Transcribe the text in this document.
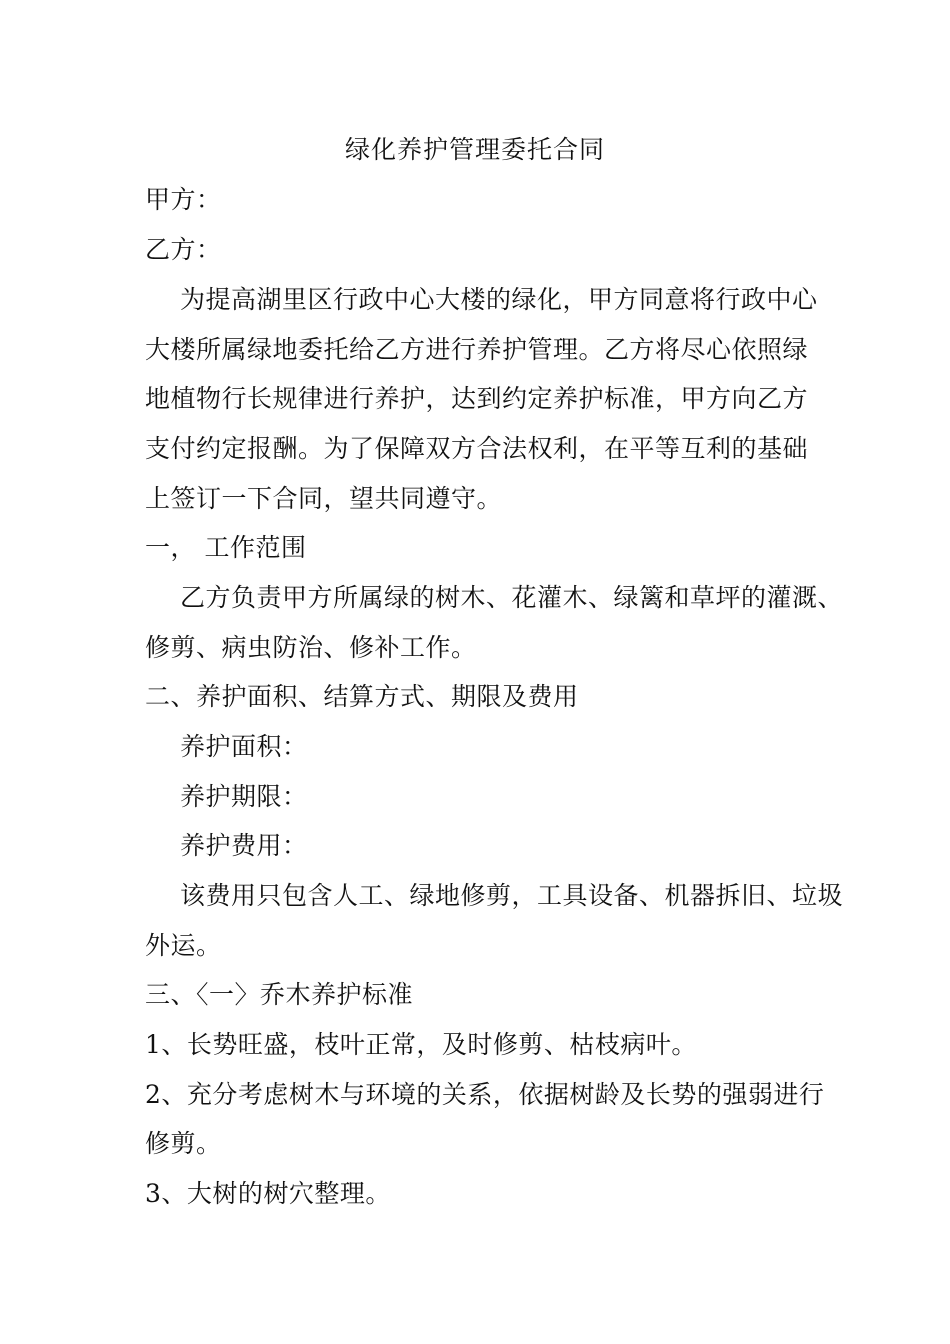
绿化养护管理委托合同
甲方：
乙方：
为提高湖里区行政中心大楼的绿化，甲方同意将行政中心
大楼所属绿地委托给乙方进行养护管理。乙方将尽心依照绿
地植物行长规律进行养护，达到约定养护标准，甲方向乙方
支付约定报酬。为了保障双方合法权利，在平等互利的基础
上签订一下合同，望共同遵守。
一， 工作范围
乙方负责甲方所属绿的树木、花灌木、绿篱和草坪的灌溉、
修剪、病虫防治、修补工作。
二、养护面积、结算方式、期限及费用
养护面积：
养护期限：
养护费用：
该费用只包含人工、绿地修剪，工具设备、机器拆旧、垃圾
外运。
三、〈一〉乔木养护标准
1、长势旺盛，枝叶正常，及时修剪、枯枝病叶。
2、充分考虑树木与环境的关系，依据树龄及长势的强弱进行
修剪。
3、大树的树穴整理。
